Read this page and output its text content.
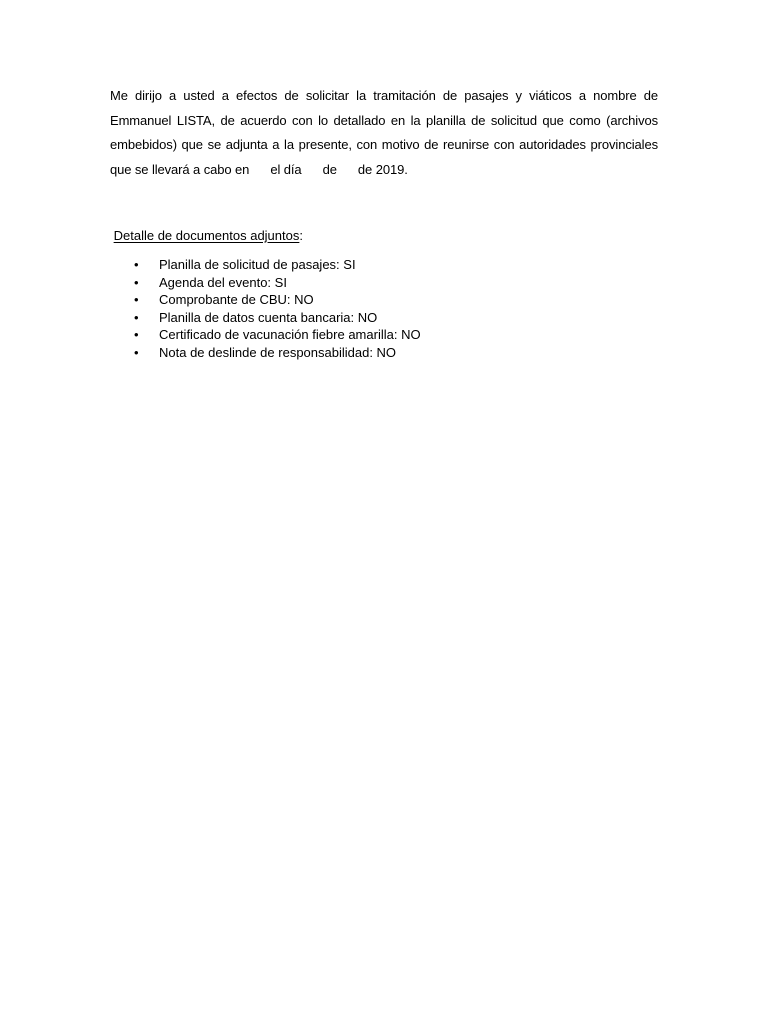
Me dirijo a usted a efectos de solicitar la tramitación de pasajes y viáticos a nombre de Emmanuel LISTA, de acuerdo con lo detallado en la planilla de solicitud que como (archivos embebidos) que se adjunta a la presente, con motivo de reunirse con autoridades provinciales que se llevará a cabo en      el día      de      de 2019.

Detalle de documentos adjuntos:
• Planilla de solicitud de pasajes: SI
• Agenda del evento: SI
• Comprobante de CBU: NO
• Planilla de datos cuenta bancaria: NO
• Certificado de vacunación fiebre amarilla: NO
• Nota de deslinde de responsabilidad: NO
